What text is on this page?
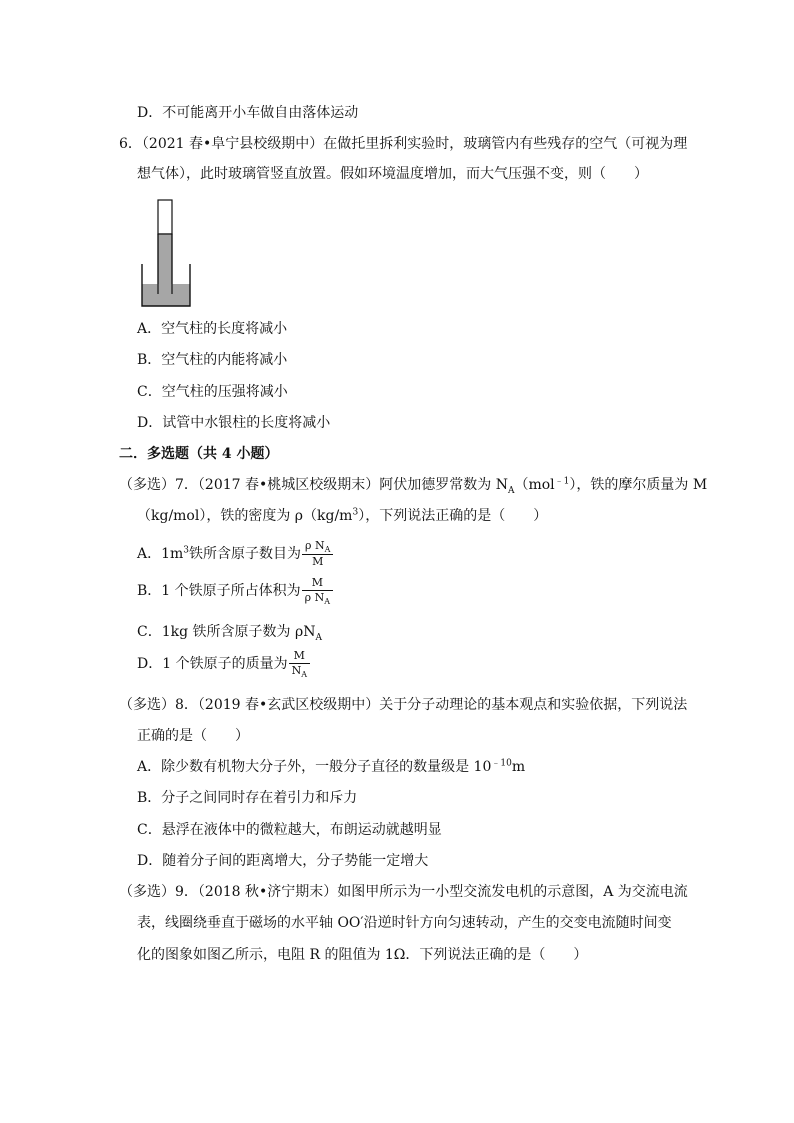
D．不可能离开小车做自由落体运动
6．（2021 春•阜宁县校级期中）在做托里拆利实验时，玻璃管内有些残存的空气（可视为理
想气体），此时玻璃管竖直放置。假如环境温度增加，而大气压强不变，则（　　）
A．空气柱的长度将减小
B．空气柱的内能将减小
C．空气柱的压强将减小
D．试管中水银柱的长度将减小
二．多选题（共 4 小题）
（多选）7．（2017 春•桃城区校级期末）阿伏加德罗常数为 $N_A(mol^{﹣1})$，铁的摩尔质量为 M
（kg/mol），铁的密度为 $\rho(kg/m^3)$，下列说法正确的是（　　）
A．$1m^3$铁所含原子数目为 $\frac{\rho N_A}{M}$
B．1 个铁原子所占体积为 $\frac{M}{\rho N_A}$
C．1kg 铁所含原子数为 $\rho N_A$
D．1 个铁原子的质量为 $\frac{M}{N_A}$
（多选）8．（2019 春•玄武区校级期中）关于分子动理论的基本观点和实验依据，下列说法
正确的是（　　）
A．除少数有机物大分子外，一般分子直径的数量级是 $10^{﹣10}m$
B．分子之间同时存在着引力和斥力
C．悬浮在液体中的微粒越大，布朗运动就越明显
D．随着分子间的距离增大，分子势能一定增大
（多选）9．（2018 秋•济宁期末）如图甲所示为一小型交流发电机的示意图，A 为交流电流
表，线圈绕垂直于磁场的水平轴 OO′沿逆时针方向匀速转动，产生的交变电流随时间变
化的图象如图乙所示，电阻 R 的阻值为 1Ω．下列说法正确的是（　　）
